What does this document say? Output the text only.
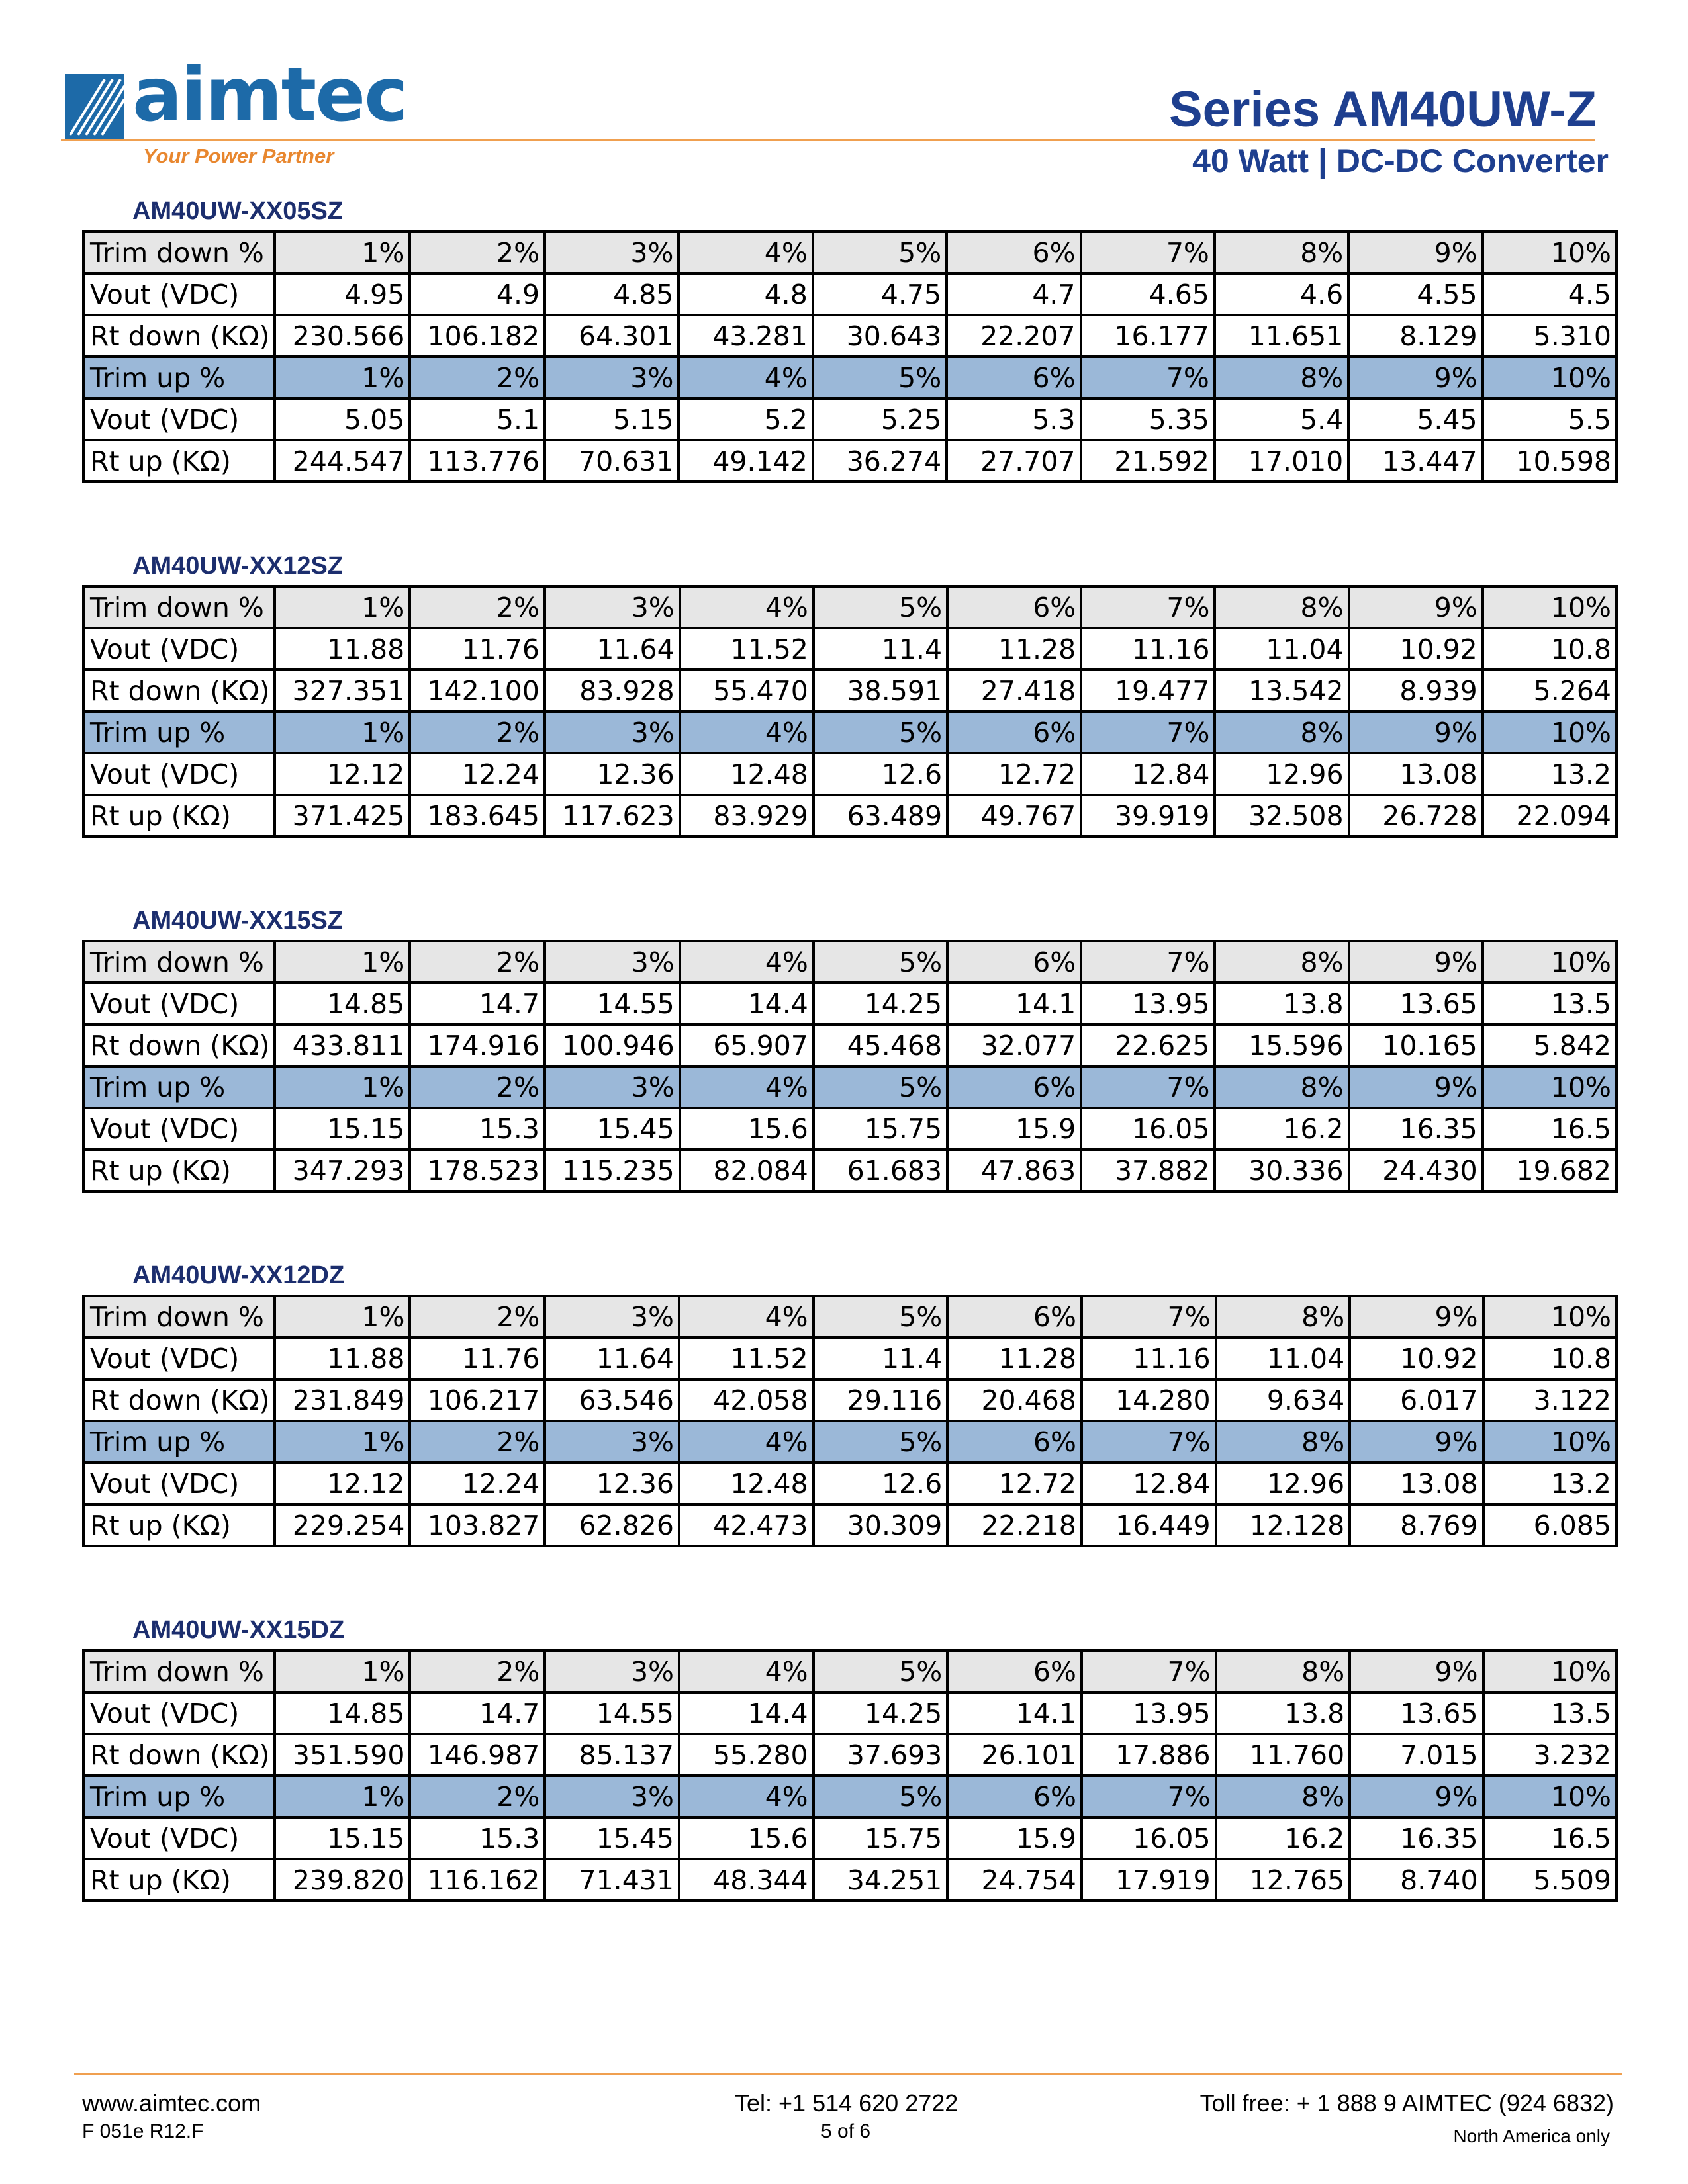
aimtec
Your Power Partner
Series AM40UW-Z
40 Watt | DC-DC Converter
AM40UW-XX05SZ
Trim down %	1%	2%	3%	4%	5%	6%	7%	8%	9%	10%
Vout (VDC)	4.95	4.9	4.85	4.8	4.75	4.7	4.65	4.6	4.55	4.5
Rt down (KΩ)	230.566	106.182	64.301	43.281	30.643	22.207	16.177	11.651	8.129	5.310
Trim up %	1%	2%	3%	4%	5%	6%	7%	8%	9%	10%
Vout (VDC)	5.05	5.1	5.15	5.2	5.25	5.3	5.35	5.4	5.45	5.5
Rt up (KΩ)	244.547	113.776	70.631	49.142	36.274	27.707	21.592	17.010	13.447	10.598
AM40UW-XX12SZ
Trim down %	1%	2%	3%	4%	5%	6%	7%	8%	9%	10%
Vout (VDC)	11.88	11.76	11.64	11.52	11.4	11.28	11.16	11.04	10.92	10.8
Rt down (KΩ)	327.351	142.100	83.928	55.470	38.591	27.418	19.477	13.542	8.939	5.264
Trim up %	1%	2%	3%	4%	5%	6%	7%	8%	9%	10%
Vout (VDC)	12.12	12.24	12.36	12.48	12.6	12.72	12.84	12.96	13.08	13.2
Rt up (KΩ)	371.425	183.645	117.623	83.929	63.489	49.767	39.919	32.508	26.728	22.094
AM40UW-XX15SZ
Trim down %	1%	2%	3%	4%	5%	6%	7%	8%	9%	10%
Vout (VDC)	14.85	14.7	14.55	14.4	14.25	14.1	13.95	13.8	13.65	13.5
Rt down (KΩ)	433.811	174.916	100.946	65.907	45.468	32.077	22.625	15.596	10.165	5.842
Trim up %	1%	2%	3%	4%	5%	6%	7%	8%	9%	10%
Vout (VDC)	15.15	15.3	15.45	15.6	15.75	15.9	16.05	16.2	16.35	16.5
Rt up (KΩ)	347.293	178.523	115.235	82.084	61.683	47.863	37.882	30.336	24.430	19.682
AM40UW-XX12DZ
Trim down %	1%	2%	3%	4%	5%	6%	7%	8%	9%	10%
Vout (VDC)	11.88	11.76	11.64	11.52	11.4	11.28	11.16	11.04	10.92	10.8
Rt down (KΩ)	231.849	106.217	63.546	42.058	29.116	20.468	14.280	9.634	6.017	3.122
Trim up %	1%	2%	3%	4%	5%	6%	7%	8%	9%	10%
Vout (VDC)	12.12	12.24	12.36	12.48	12.6	12.72	12.84	12.96	13.08	13.2
Rt up (KΩ)	229.254	103.827	62.826	42.473	30.309	22.218	16.449	12.128	8.769	6.085
AM40UW-XX15DZ
Trim down %	1%	2%	3%	4%	5%	6%	7%	8%	9%	10%
Vout (VDC)	14.85	14.7	14.55	14.4	14.25	14.1	13.95	13.8	13.65	13.5
Rt down (KΩ)	351.590	146.987	85.137	55.280	37.693	26.101	17.886	11.760	7.015	3.232
Trim up %	1%	2%	3%	4%	5%	6%	7%	8%	9%	10%
Vout (VDC)	15.15	15.3	15.45	15.6	15.75	15.9	16.05	16.2	16.35	16.5
Rt up (KΩ)	239.820	116.162	71.431	48.344	34.251	24.754	17.919	12.765	8.740	5.509
www.aimtec.com
F 051e R12.F
Tel: +1 514 620 2722
5 of 6
Toll free: + 1 888 9 AIMTEC (924 6832)
North America only
